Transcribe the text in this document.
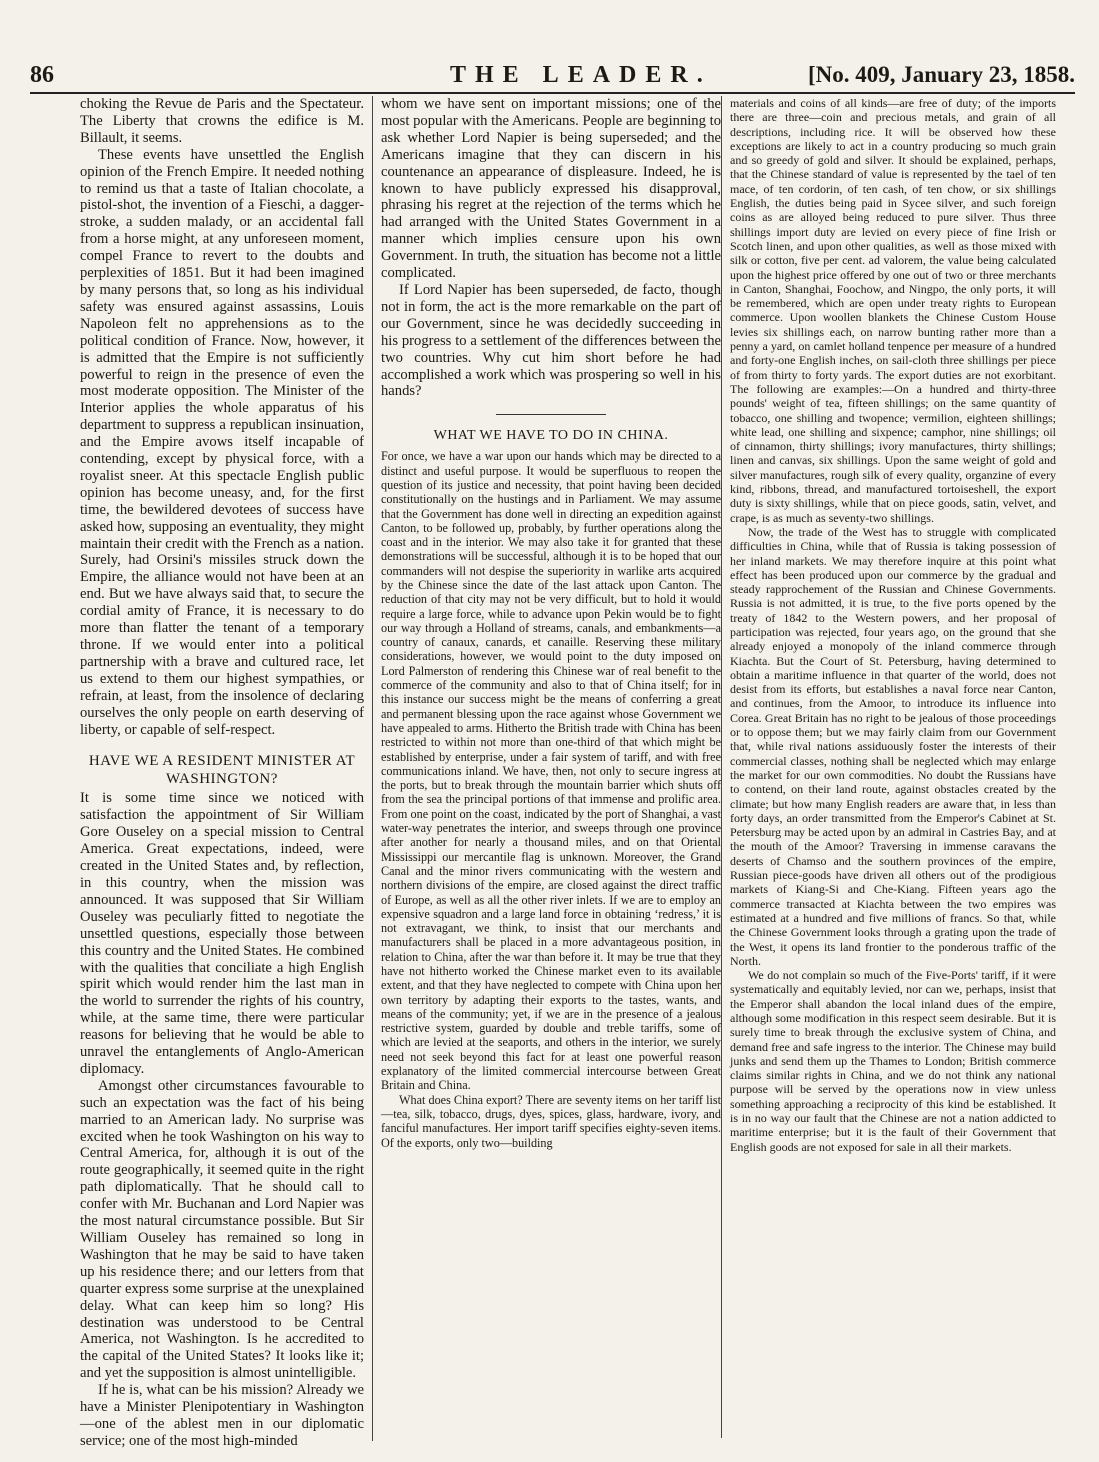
86	THE LEADER.	[No. 409, January 23, 1858.

choking the Revue de Paris and the Spectateur. The Liberty that crowns the edifice is M. Billault, it seems.

These events have unsettled the English opinion of the French Empire. It needed nothing to remind us that a taste of Italian chocolate, a pistol-shot, the invention of a Fieschi, a dagger-stroke, a sudden malady, or an accidental fall from a horse might, at any unforeseen moment, compel France to revert to the doubts and perplexities of 1851. But it had been imagined by many persons that, so long as his individual safety was ensured against assassins, Louis Napoleon felt no apprehensions as to the political condition of France. Now, however, it is admitted that the Empire is not sufficiently powerful to reign in the presence of even the most moderate opposition. The Minister of the Interior applies the whole apparatus of his department to suppress a republican insinuation, and the Empire avows itself incapable of contending, except by physical force, with a royalist sneer. At this spectacle English public opinion has become uneasy, and, for the first time, the bewildered devotees of success have asked how, supposing an eventuality, they might maintain their credit with the French as a nation. Surely, had Orsini's missiles struck down the Empire, the alliance would not have been at an end. But we have always said that, to secure the cordial amity of France, it is necessary to do more than flatter the tenant of a temporary throne. If we would enter into a political partnership with a brave and cultured race, let us extend to them our highest sympathies, or refrain, at least, from the insolence of declaring ourselves the only people on earth deserving of liberty, or capable of self-respect.

HAVE WE A RESIDENT MINISTER AT WASHINGTON?

It is some time since we noticed with satisfaction the appointment of Sir William Gore Ouseley on a special mission to Central America. Great expectations, indeed, were created in the United States and, by reflection, in this country, when the mission was announced. It was supposed that Sir William Ouseley was peculiarly fitted to negotiate the unsettled questions, especially those between this country and the United States. He combined with the qualities that conciliate a high English spirit which would render him the last man in the world to surrender the rights of his country, while, at the same time, there were particular reasons for believing that he would be able to unravel the entanglements of Anglo-American diplomacy.

Amongst other circumstances favourable to such an expectation was the fact of his being married to an American lady. No surprise was excited when he took Washington on his way to Central America, for, although it is out of the route geographically, it seemed quite in the right path diplomatically. That he should call to confer with Mr. Buchanan and Lord Napier was the most natural circumstance possible. But Sir William Ouseley has remained so long in Washington that he may be said to have taken up his residence there; and our letters from that quarter express some surprise at the unexplained delay. What can keep him so long? His destination was understood to be Central America, not Washington. Is he accredited to the capital of the United States? It looks like it; and yet the supposition is almost unintelligible.

If he is, what can be his mission? Already we have a Minister Plenipotentiary in Washington—one of the ablest men in our diplomatic service; one of the most high-minded

whom we have sent on important missions; one of the most popular with the Americans. People are beginning to ask whether Lord Napier is being superseded; and the Americans imagine that they can discern in his countenance an appearance of displeasure. Indeed, he is known to have publicly expressed his disapproval, phrasing his regret at the rejection of the terms which he had arranged with the United States Government in a manner which implies censure upon his own Government. In truth, the situation has become not a little complicated.

If Lord Napier has been superseded, de facto, though not in form, the act is the more remarkable on the part of our Government, since he was decidedly succeeding in his progress to a settlement of the differences between the two countries. Why cut him short before he had accomplished a work which was prospering so well in his hands?

WHAT WE HAVE TO DO IN CHINA.

For once, we have a war upon our hands which may be directed to a distinct and useful purpose. It would be superfluous to reopen the question of its justice and necessity, that point having been decided constitutionally on the hustings and in Parliament. We may assume that the Government has done well in directing an expedition against Canton, to be followed up, probably, by further operations along the coast and in the interior. We may also take it for granted that these demonstrations will be successful, although it is to be hoped that our commanders will not despise the superiority in warlike arts acquired by the Chinese since the date of the last attack upon Canton. The reduction of that city may not be very difficult, but to hold it would require a large force, while to advance upon Pekin would be to fight our way through a Holland of streams, canals, and embankments—a country of canaux, canards, et canaille. Reserving these military considerations, however, we would point to the duty imposed on Lord Palmerston of rendering this Chinese war of real benefit to the commerce of the community and also to that of China itself; for in this instance our success might be the means of conferring a great and permanent blessing upon the race against whose Government we have appealed to arms. Hitherto the British trade with China has been restricted to within not more than one-third of that which might be established by enterprise, under a fair system of tariff, and with free communications inland. We have, then, not only to secure ingress at the ports, but to break through the mountain barrier which shuts off from the sea the principal portions of that immense and prolific area. From one point on the coast, indicated by the port of Shanghai, a vast water-way penetrates the interior, and sweeps through one province after another for nearly a thousand miles, and on that Oriental Mississippi our mercantile flag is unknown. Moreover, the Grand Canal and the minor rivers communicating with the western and northern divisions of the empire, are closed against the direct traffic of Europe, as well as all the other river inlets. If we are to employ an expensive squadron and a large land force in obtaining ‘redress,’ it is not extravagant, we think, to insist that our merchants and manufacturers shall be placed in a more advantageous position, in relation to China, after the war than before it. It may be true that they have not hitherto worked the Chinese market even to its available extent, and that they have neglected to compete with China upon her own territory by adapting their exports to the tastes, wants, and means of the community; yet, if we are in the presence of a jealous restrictive system, guarded by double and treble tariffs, some of which are levied at the seaports, and others in the interior, we surely need not seek beyond this fact for at least one powerful reason explanatory of the limited commercial intercourse between Great Britain and China.

What does China export? There are seventy items on her tariff list—tea, silk, tobacco, drugs, dyes, spices, glass, hardware, ivory, and fanciful manufactures. Her import tariff specifies eighty-seven items. Of the exports, only two—building

materials and coins of all kinds—are free of duty; of the imports there are three—coin and precious metals, and grain of all descriptions, including rice. It will be observed how these exceptions are likely to act in a country producing so much grain and so greedy of gold and silver. It should be explained, perhaps, that the Chinese standard of value is represented by the tael of ten mace, of ten cordorin, of ten cash, of ten chow, or six shillings English, the duties being paid in Sycee silver, and such foreign coins as are alloyed being reduced to pure silver. Thus three shillings import duty are levied on every piece of fine Irish or Scotch linen, and upon other qualities, as well as those mixed with silk or cotton, five per cent. ad valorem, the value being calculated upon the highest price offered by one out of two or three merchants in Canton, Shanghai, Foochow, and Ningpo, the only ports, it will be remembered, which are open under treaty rights to European commerce. Upon woollen blankets the Chinese Custom House levies six shillings each, on narrow bunting rather more than a penny a yard, on camlet holland tenpence per measure of a hundred and forty-one English inches, on sail-cloth three shillings per piece of from thirty to forty yards. The export duties are not exorbitant. The following are examples:—On a hundred and thirty-three pounds' weight of tea, fifteen shillings; on the same quantity of tobacco, one shilling and twopence; vermilion, eighteen shillings; white lead, one shilling and sixpence; camphor, nine shillings; oil of cinnamon, thirty shillings; ivory manufactures, thirty shillings; linen and canvas, six shillings. Upon the same weight of gold and silver manufactures, rough silk of every quality, organzine of every kind, ribbons, thread, and manufactured tortoiseshell, the export duty is sixty shillings, while that on piece goods, satin, velvet, and crape, is as much as seventy-two shillings.

Now, the trade of the West has to struggle with complicated difficulties in China, while that of Russia is taking possession of her inland markets. We may therefore inquire at this point what effect has been produced upon our commerce by the gradual and steady rapprochement of the Russian and Chinese Governments. Russia is not admitted, it is true, to the five ports opened by the treaty of 1842 to the Western powers, and her proposal of participation was rejected, four years ago, on the ground that she already enjoyed a monopoly of the inland commerce through Kiachta. But the Court of St. Petersburg, having determined to obtain a maritime influence in that quarter of the world, does not desist from its efforts, but establishes a naval force near Canton, and continues, from the Amoor, to introduce its influence into Corea. Great Britain has no right to be jealous of those proceedings or to oppose them; but we may fairly claim from our Government that, while rival nations assiduously foster the interests of their commercial classes, nothing shall be neglected which may enlarge the market for our own commodities. No doubt the Russians have to contend, on their land route, against obstacles created by the climate; but how many English readers are aware that, in less than forty days, an order transmitted from the Emperor's Cabinet at St. Petersburg may be acted upon by an admiral in Castries Bay, and at the mouth of the Amoor? Traversing in immense caravans the deserts of Chamso and the southern provinces of the empire, Russian piece-goods have driven all others out of the prodigious markets of Kiang-Si and Che-Kiang. Fifteen years ago the commerce transacted at Kiachta between the two empires was estimated at a hundred and five millions of francs. So that, while the Chinese Government looks through a grating upon the trade of the West, it opens its land frontier to the ponderous traffic of the North.

We do not complain so much of the Five-Ports' tariff, if it were systematically and equitably levied, nor can we, perhaps, insist that the Emperor shall abandon the local inland dues of the empire, although some modification in this respect seem desirable. But it is surely time to break through the exclusive system of China, and demand free and safe ingress to the interior. The Chinese may build junks and send them up the Thames to London; British commerce claims similar rights in China, and we do not think any national purpose will be served by the operations now in view unless something approaching a reciprocity of this kind be established. It is in no way our fault that the Chinese are not a nation addicted to maritime enterprise; but it is the fault of their Government that English goods are not exposed for sale in all their markets.
